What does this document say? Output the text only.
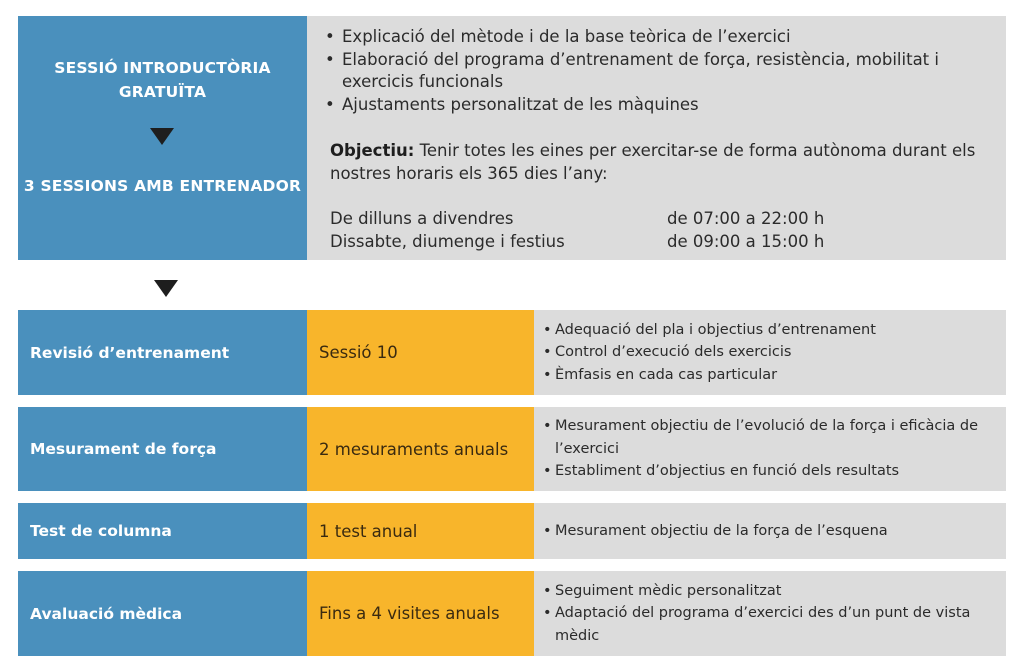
SESSIÓ INTRODUCTÒRIA GRATUÏTA
3 SESSIONS AMB ENTRENADOR
• Explicació del mètode i de la base teòrica de l’exercici
• Elaboració del programa d’entrenament de força, resistència, mobilitat i exercicis funcionals
• Ajustaments personalitzat de les màquines
Objectiu: Tenir totes les eines per exercitar-se de forma autònoma durant els nostres horaris els 365 dies l’any:
De dilluns a divendres	de 07:00 a 22:00 h
Dissabte, diumenge i festius	de 09:00 a 15:00 h
Revisió d’entrenament	Sessió 10
• Adequació del pla i objectius d’entrenament
• Control d’execució dels exercicis
• Èmfasis en cada cas particular
Mesurament de força	2 mesuraments anuals
• Mesurament objectiu de l’evolució de la força i eficàcia de l’exercici
• Establiment d’objectius en funció dels resultats
Test de columna	1 test anual	• Mesurament objectiu de la força de l’esquena
Avaluació mèdica	Fins a 4 visites anuals
• Seguiment mèdic personalitzat
• Adaptació del programa d’exercici des d’un punt de vista mèdic
